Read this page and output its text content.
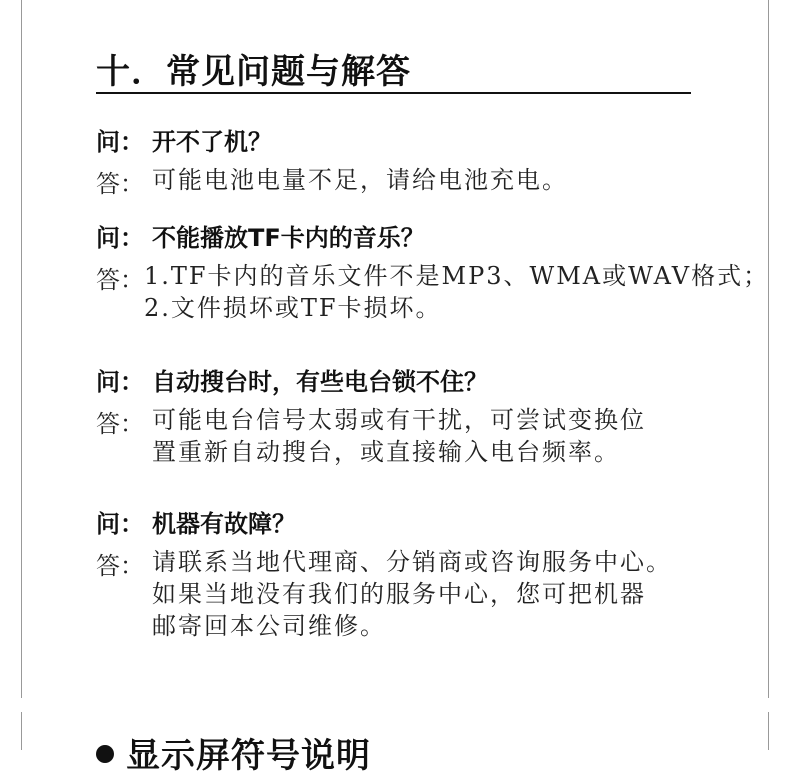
十．常见问题与解答
问： 开不了机？
答： 可能电池电量不足，请给电池充电。
问： 不能播放TF卡内的音乐？
答： 1.TF卡内的音乐文件不是MP3、WMA或WAV格式；
2.文件损坏或TF卡损坏。
问： 自动搜台时，有些电台锁不住？
答： 可能电台信号太弱或有干扰，可尝试变换位
置重新自动搜台，或直接输入电台频率。
问： 机器有故障？
答： 请联系当地代理商、分销商或咨询服务中心。
如果当地没有我们的服务中心，您可把机器
邮寄回本公司维修。
显示屏符号说明
